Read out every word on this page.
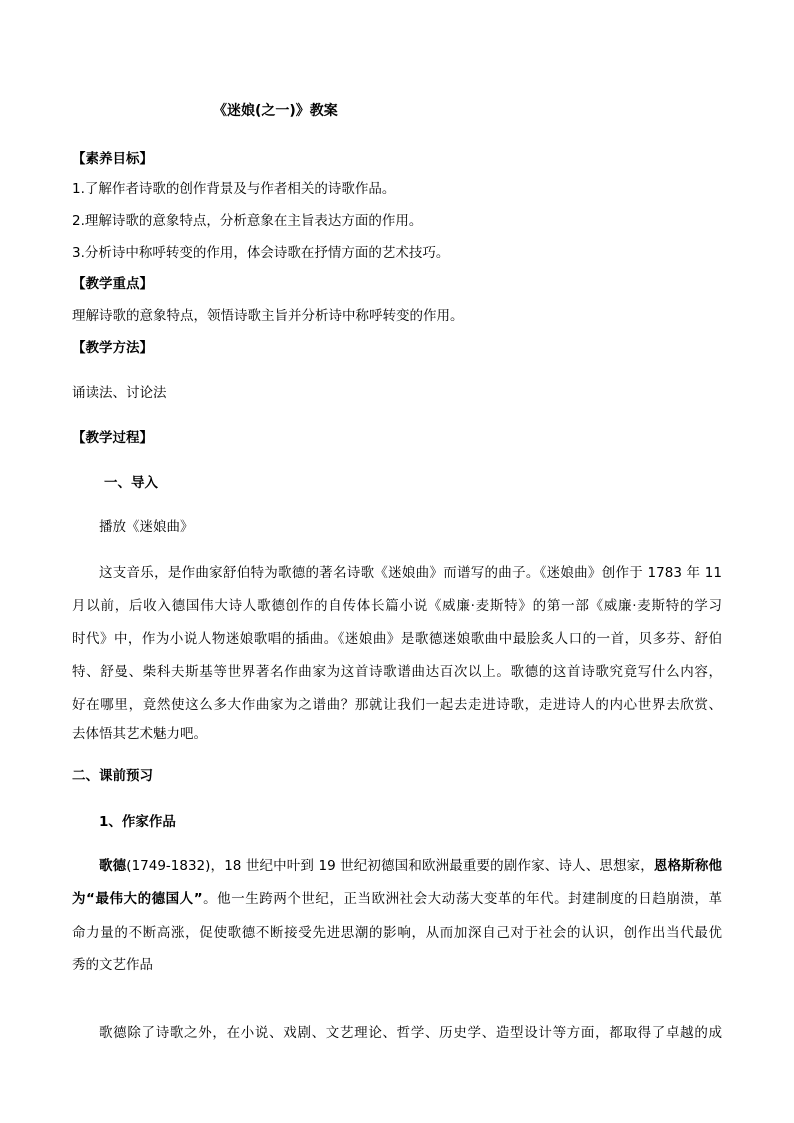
《迷娘(之一)》教案
【素养目标】
1.了解作者诗歌的创作背景及与作者相关的诗歌作品。
2.理解诗歌的意象特点，分析意象在主旨表达方面的作用。
3.分析诗中称呼转变的作用，体会诗歌在抒情方面的艺术技巧。
【教学重点】
理解诗歌的意象特点，领悟诗歌主旨并分析诗中称呼转变的作用。
【教学方法】
诵读法、讨论法
【教学过程】
一、导入
播放《迷娘曲》
这支音乐，是作曲家舒伯特为歌德的著名诗歌《迷娘曲》而谱写的曲子。《迷娘曲》创作于 1783 年 11
月以前，后收入德国伟大诗人歌德创作的自传体长篇小说《威廉·麦斯特》的第一部《威廉·麦斯特的学习
时代》中，作为小说人物迷娘歌唱的插曲。《迷娘曲》是歌德迷娘歌曲中最脍炙人口的一首，贝多芬、舒伯
特、舒曼、柴科夫斯基等世界著名作曲家为这首诗歌谱曲达百次以上。歌德的这首诗歌究竟写什么内容，
好在哪里，竟然使这么多大作曲家为之谱曲？那就让我们一起去走进诗歌，走进诗人的内心世界去欣赏、
去体悟其艺术魅力吧。
二、课前预习
1、作家作品
歌德(1749-1832)，18 世纪中叶到 19 世纪初德国和欧洲最重要的剧作家、诗人、思想家，恩格斯称他
为“最伟大的德国人”。他一生跨两个世纪，正当欧洲社会大动荡大变革的年代。封建制度的日趋崩溃，革
命力量的不断高涨，促使歌德不断接受先进思潮的影响，从而加深自己对于社会的认识，创作出当代最优
秀的文艺作品
歌德除了诗歌之外，在小说、戏剧、文艺理论、哲学、历史学、造型设计等方面，都取得了卓越的成
